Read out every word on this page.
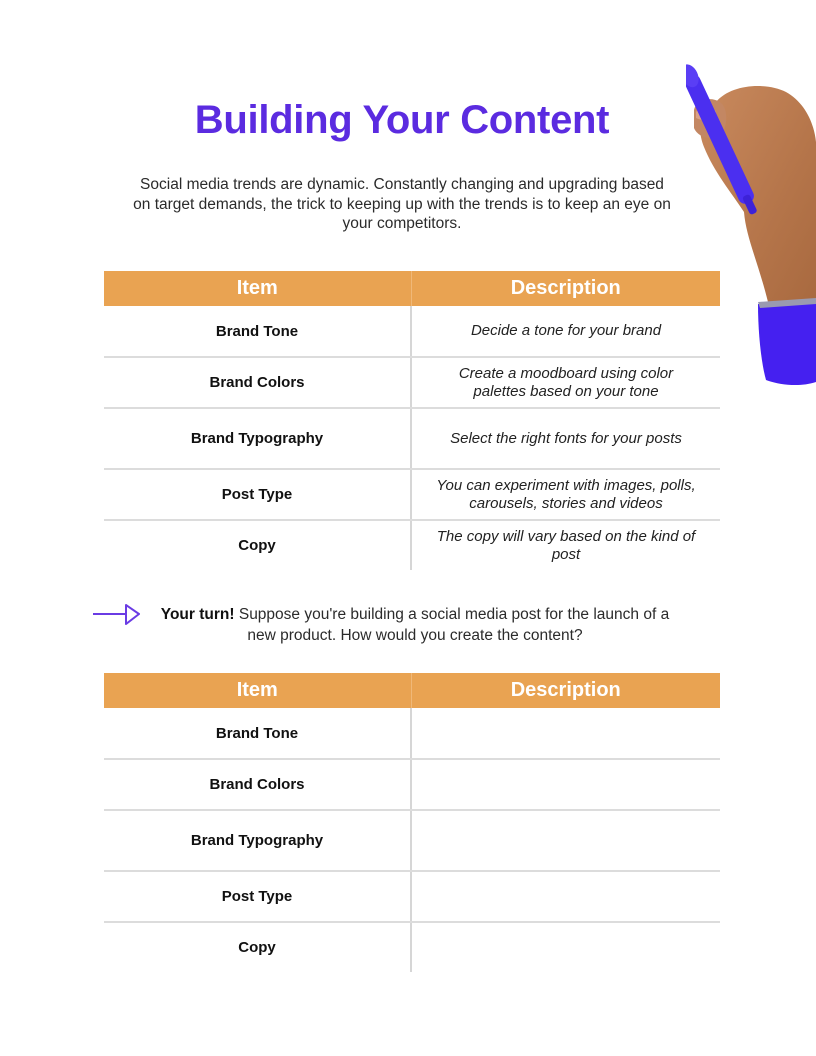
Building Your Content

Social media trends are dynamic. Constantly changing and upgrading based on target demands, the trick to keeping up with the trends is to keep an eye on your competitors.

Item	Description
Brand Tone	Decide a tone for your brand
Brand Colors	Create a moodboard using color palettes based on your tone
Brand Typography	Select the right fonts for your posts
Post Type	You can experiment with images, polls, carousels, stories and videos
Copy	The copy will vary based on the kind of post

Your turn! Suppose you're building a social media post for the launch of a new product. How would you create the content?

Item	Description
Brand Tone	
Brand Colors	
Brand Typography	
Post Type	
Copy	
